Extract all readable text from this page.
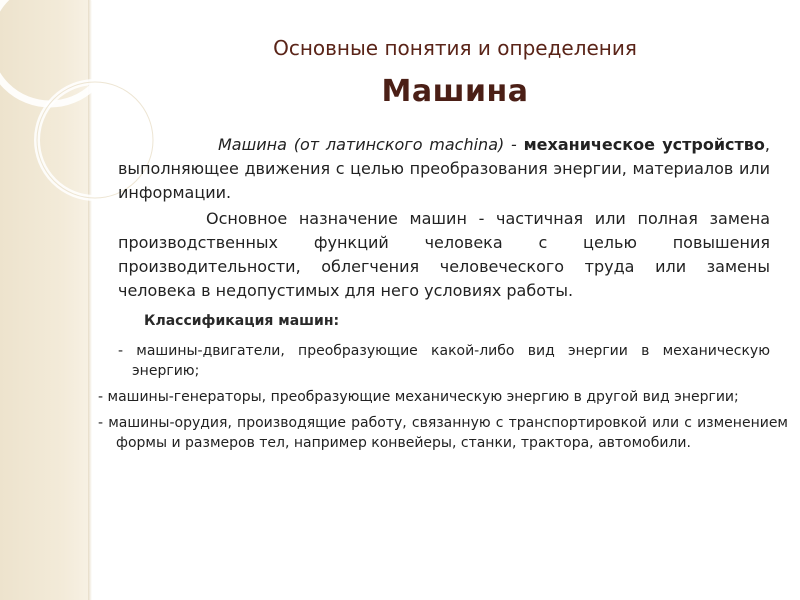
Основные понятия и определения
Машина

Машина (от латинского machina) - механическое устройство, выполняющее движения с целью преобразования энергии, материалов или информации.

Основное назначение машин - частичная или полная замена производственных функций человека с целью повышения производительности, облегчения человеческого труда или замены человека в недопустимых для него условиях работы.

Классификация машин:
- машины-двигатели, преобразующие какой-либо вид энергии в механическую энергию;
- машины-генераторы, преобразующие механическую энергию в другой вид энергии;
- машины-орудия, производящие работу, связанную с транспортировкой или с изменением формы и размеров тел, например конвейеры, станки, трактора, автомобили.
